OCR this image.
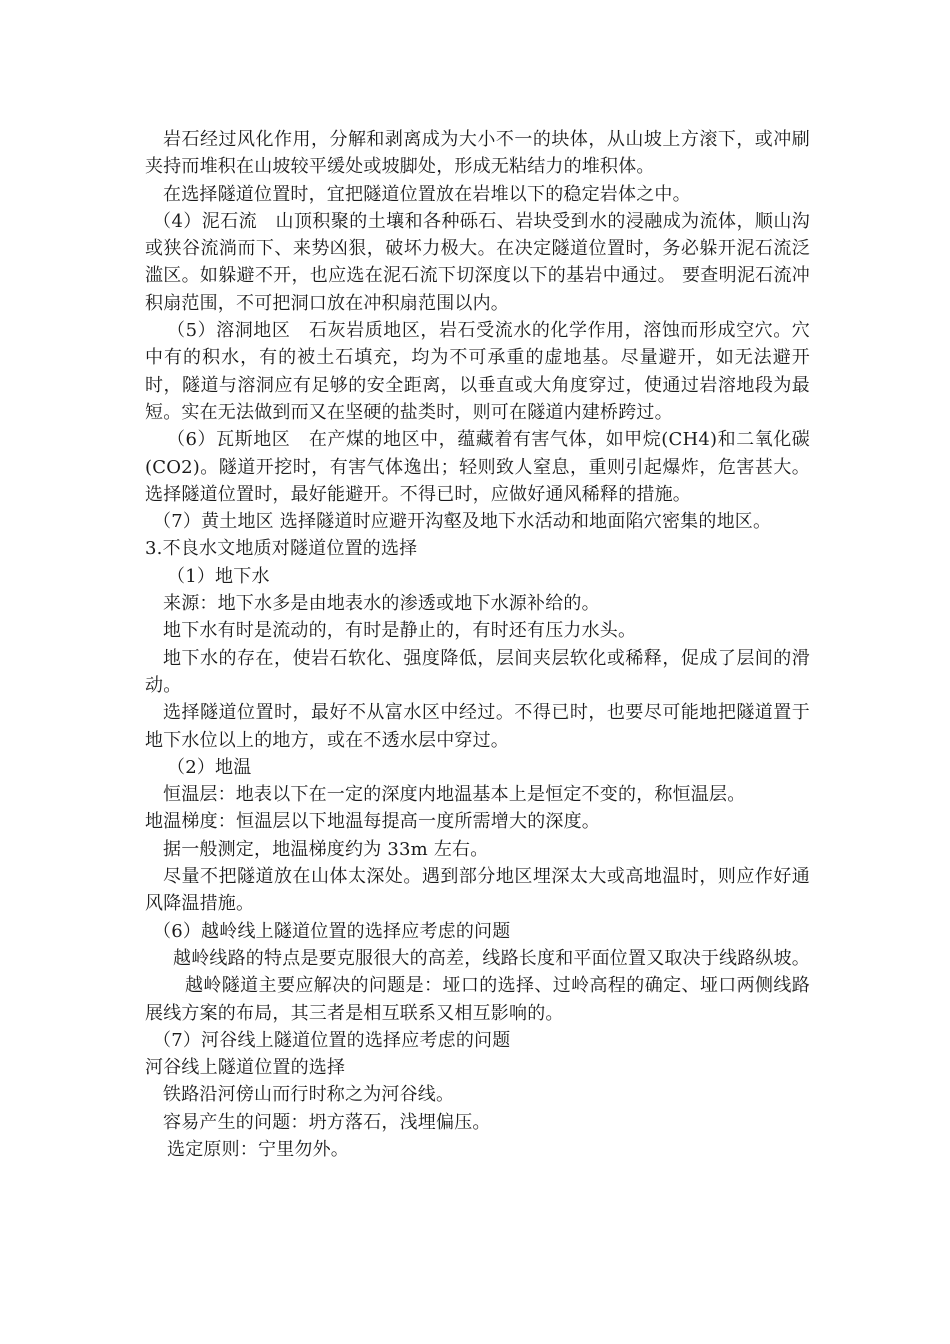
岩石经过风化作用，分解和剥离成为大小不一的块体，从山坡上方滚下，或冲刷夹持而堆积在山坡较平缓处或坡脚处，形成无粘结力的堆积体。

在选择隧道位置时，宜把隧道位置放在岩堆以下的稳定岩体之中。

（4）泥石流　山顶积聚的土壤和各种砾石、岩块受到水的浸融成为流体，顺山沟或狭谷流淌而下、来势凶狠，破坏力极大。在决定隧道位置时，务必躲开泥石流泛滥区。如躲避不开，也应选在泥石流下切深度以下的基岩中通过。 要查明泥石流冲积扇范围，不可把洞口放在冲积扇范围以内。

（5）溶洞地区　石灰岩质地区，岩石受流水的化学作用，溶蚀而形成空穴。穴中有的积水，有的被土石填充，均为不可承重的虚地基。尽量避开，如无法避开时，隧道与溶洞应有足够的安全距离，以垂直或大角度穿过，使通过岩溶地段为最短。实在无法做到而又在坚硬的盐类时，则可在隧道内建桥跨过。

（6）瓦斯地区　在产煤的地区中，蕴藏着有害气体，如甲烷(CH4)和二氧化碳(CO2)。隧道开挖时，有害气体逸出；轻则致人窒息，重则引起爆炸，危害甚大。选择隧道位置时，最好能避开。不得已时，应做好通风稀释的措施。

（7）黄土地区 选择隧道时应避开沟壑及地下水活动和地面陷穴密集的地区。

3.不良水文地质对隧道位置的选择

（1）地下水

来源：地下水多是由地表水的渗透或地下水源补给的。

地下水有时是流动的，有时是静止的，有时还有压力水头。

地下水的存在，使岩石软化、强度降低，层间夹层软化或稀释，促成了层间的滑动。

选择隧道位置时，最好不从富水区中经过。不得已时，也要尽可能地把隧道置于地下水位以上的地方，或在不透水层中穿过。

（2）地温

恒温层：地表以下在一定的深度内地温基本上是恒定不变的，称恒温层。

地温梯度：恒温层以下地温每提高一度所需增大的深度。

据一般测定，地温梯度约为 33m 左右。

尽量不把隧道放在山体太深处。遇到部分地区埋深太大或高地温时，则应作好通风降温措施。

（6）越岭线上隧道位置的选择应考虑的问题

越岭线路的特点是要克服很大的高差，线路长度和平面位置又取决于线路纵坡。

越岭隧道主要应解决的问题是：垭口的选择、过岭高程的确定、垭口两侧线路展线方案的布局，其三者是相互联系又相互影响的。

（7）河谷线上隧道位置的选择应考虑的问题

河谷线上隧道位置的选择

铁路沿河傍山而行时称之为河谷线。

容易产生的问题：坍方落石，浅埋偏压。

选定原则：宁里勿外。
